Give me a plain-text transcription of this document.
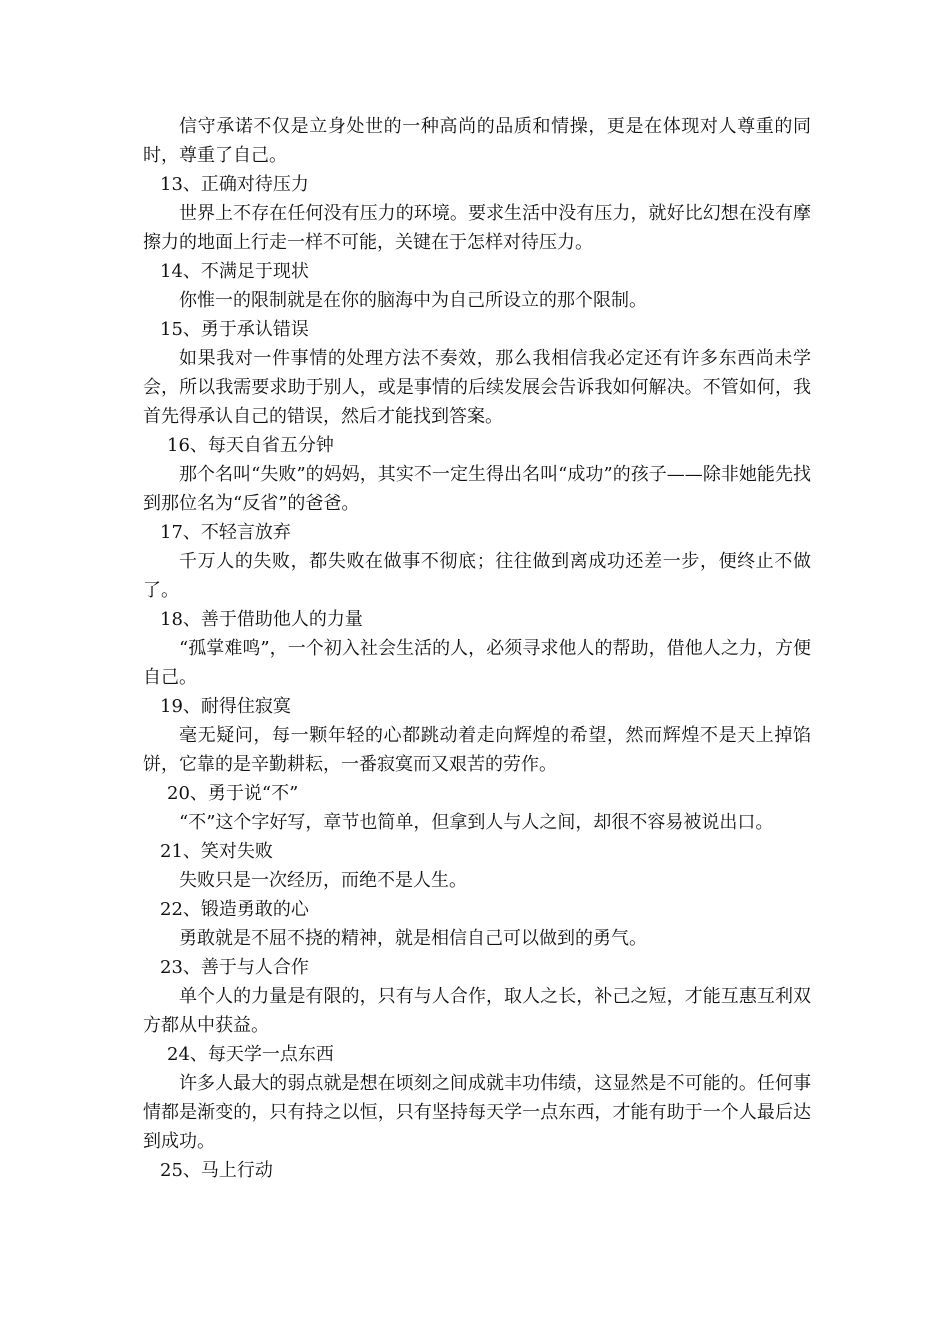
信守承诺不仅是立身处世的一种高尚的品质和情操，更是在体现对人尊重的同时，尊重了自己。

13、正确对待压力

世界上不存在任何没有压力的环境。要求生活中没有压力，就好比幻想在没有摩擦力的地面上行走一样不可能，关键在于怎样对待压力。

14、不满足于现状

你惟一的限制就是在你的脑海中为自己所设立的那个限制。

15、勇于承认错误

如果我对一件事情的处理方法不奏效，那么我相信我必定还有许多东西尚未学会，所以我需要求助于别人，或是事情的后续发展会告诉我如何解决。不管如何，我首先得承认自己的错误，然后才能找到答案。

16、每天自省五分钟

那个名叫“失败”的妈妈，其实不一定生得出名叫“成功”的孩子——除非她能先找到那位名为“反省”的爸爸。

17、不轻言放弃

千万人的失败，都失败在做事不彻底；往往做到离成功还差一步，便终止不做了。

18、善于借助他人的力量

“孤掌难鸣”，一个初入社会生活的人，必须寻求他人的帮助，借他人之力，方便自己。

19、耐得住寂寞

毫无疑问，每一颗年轻的心都跳动着走向辉煌的希望，然而辉煌不是天上掉馅饼，它靠的是辛勤耕耘，一番寂寞而又艰苦的劳作。

20、勇于说“不”

“不”这个字好写，章节也简单，但拿到人与人之间，却很不容易被说出口。

21、笑对失败

失败只是一次经历，而绝不是人生。

22、锻造勇敢的心

勇敢就是不屈不挠的精神，就是相信自己可以做到的勇气。

23、善于与人合作

单个人的力量是有限的，只有与人合作，取人之长，补己之短，才能互惠互利双方都从中获益。

24、每天学一点东西

许多人最大的弱点就是想在顷刻之间成就丰功伟绩，这显然是不可能的。任何事情都是渐变的，只有持之以恒，只有坚持每天学一点东西，才能有助于一个人最后达到成功。

25、马上行动
